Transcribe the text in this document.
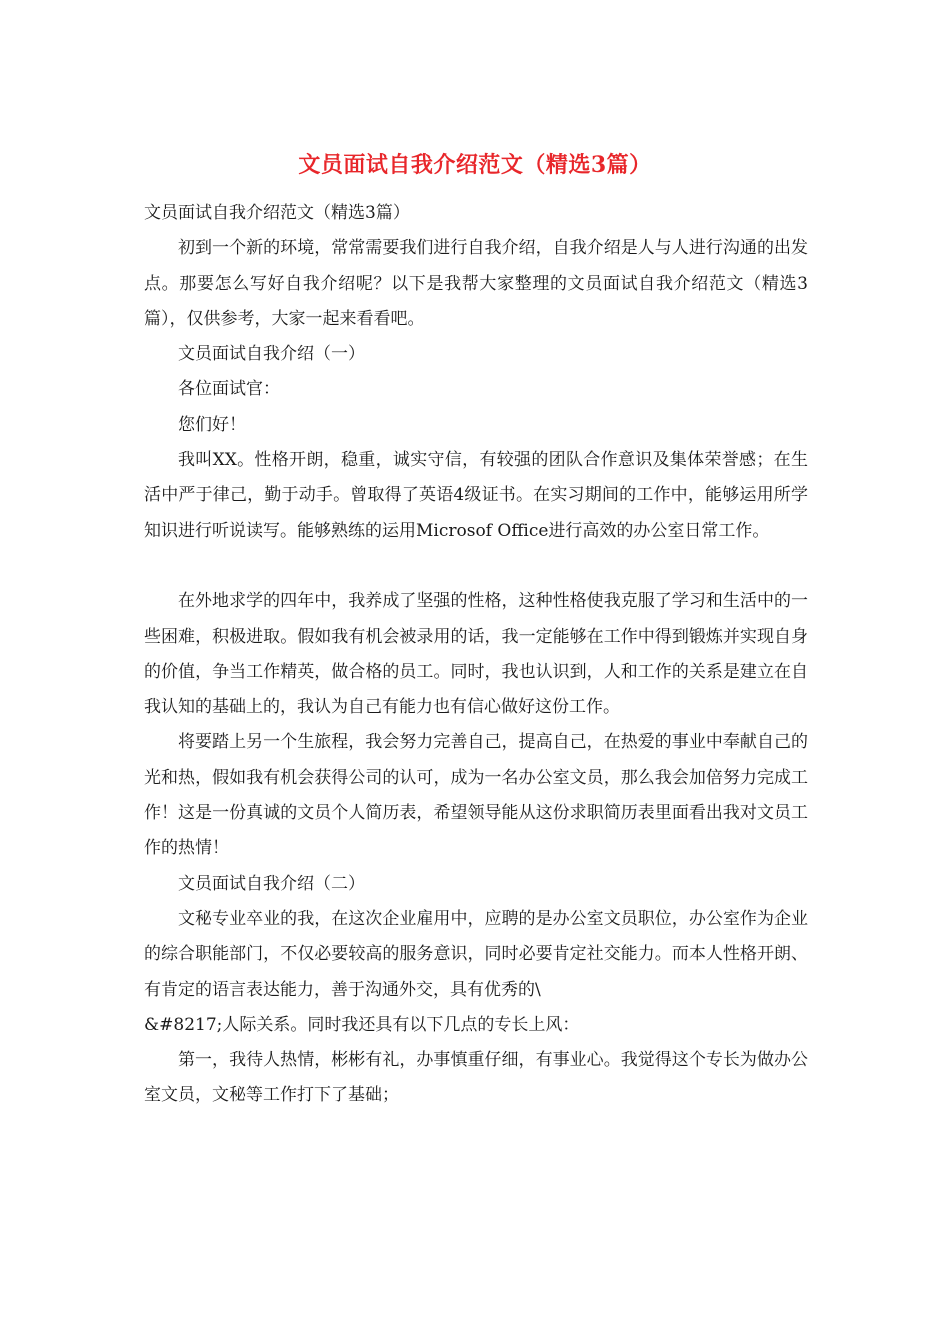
文员面试自我介绍范文（精选3篇）

文员面试自我介绍范文（精选3篇）

初到一个新的环境，常常需要我们进行自我介绍，自我介绍是人与人进行沟通的出发点。那要怎么写好自我介绍呢？以下是我帮大家整理的文员面试自我介绍范文（精选3篇），仅供参考，大家一起来看看吧。

文员面试自我介绍（一）

各位面试官：

您们好！

我叫XX。性格开朗，稳重，诚实守信，有较强的团队合作意识及集体荣誉感；在生活中严于律己，勤于动手。曾取得了英语4级证书。在实习期间的工作中，能够运用所学知识进行听说读写。能够熟练的运用Microsof Office进行高效的办公室日常工作。

在外地求学的四年中，我养成了坚强的性格，这种性格使我克服了学习和生活中的一些困难，积极进取。假如我有机会被录用的话，我一定能够在工作中得到锻炼并实现自身的价值，争当工作精英，做合格的员工。同时，我也认识到，人和工作的关系是建立在自我认知的基础上的，我认为自己有能力也有信心做好这份工作。

将要踏上另一个生旅程，我会努力完善自己，提高自己，在热爱的事业中奉献自己的光和热，假如我有机会获得公司的认可，成为一名办公室文员，那么我会加倍努力完成工作！这是一份真诚的文员个人简历表，希望领导能从这份求职简历表里面看出我对文员工作的热情！

文员面试自我介绍（二）

文秘专业卒业的我，在这次企业雇用中，应聘的是办公室文员职位，办公室作为企业的综合职能部门，不仅必要较高的服务意识，同时必要肯定社交能力。而本人性格开朗、有肯定的语言表达能力，善于沟通外交，具有优秀的\

&#8217;人际关系。同时我还具有以下几点的专长上风：

第一，我待人热情，彬彬有礼，办事慎重仔细，有事业心。我觉得这个专长为做办公室文员，文秘等工作打下了基础；
